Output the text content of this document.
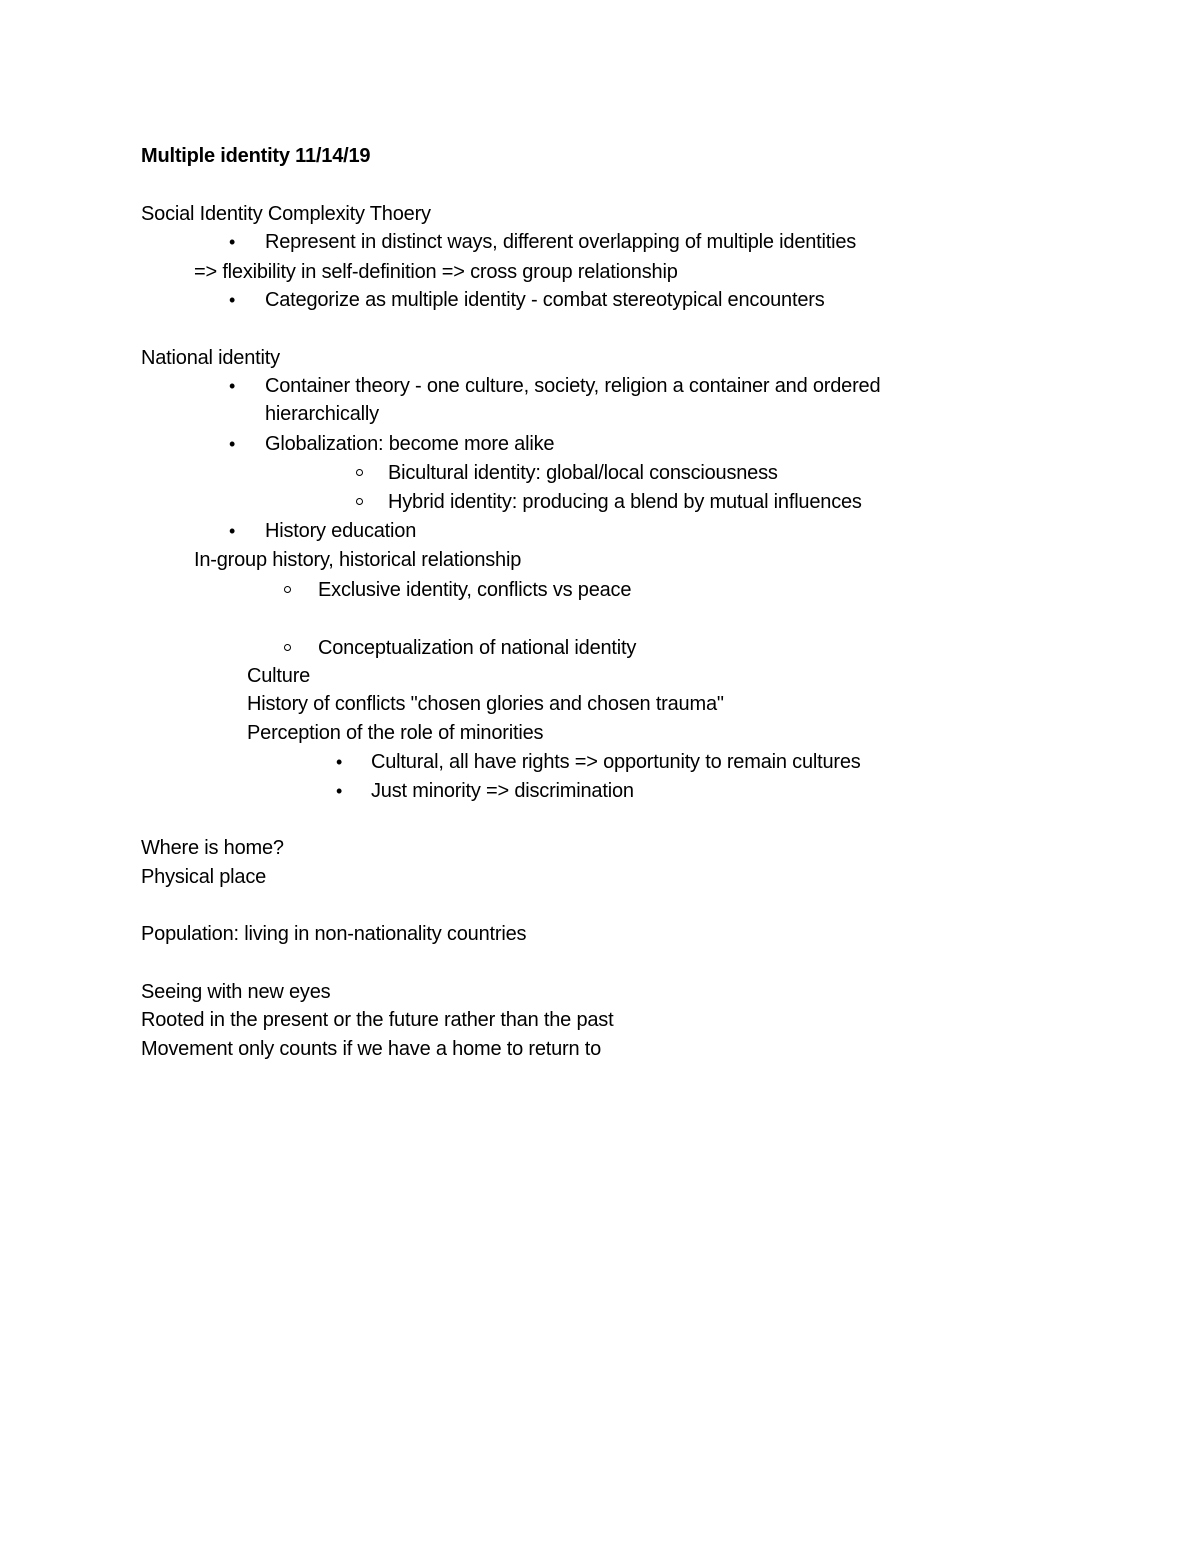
Multiple identity 11/14/19
Social Identity Complexity Thoery
• Represent in distinct ways, different overlapping of multiple identities
=> flexibility in self-definition => cross group relationship
• Categorize as multiple identity - combat stereotypical encounters
National identity
• Container theory - one culture, society, religion a container and ordered
hierarchically
• Globalization: become more alike
Bicultural identity: global/local consciousness
Hybrid identity: producing a blend by mutual influences
• History education
In-group history, historical relationship
Exclusive identity, conflicts vs peace
Conceptualization of national identity
Culture
History of conflicts "chosen glories and chosen trauma"
Perception of the role of minorities
• Cultural, all have rights => opportunity to remain cultures
• Just minority => discrimination
Where is home?
Physical place
Population: living in non-nationality countries
Seeing with new eyes
Rooted in the present or the future rather than the past
Movement only counts if we have a home to return to
